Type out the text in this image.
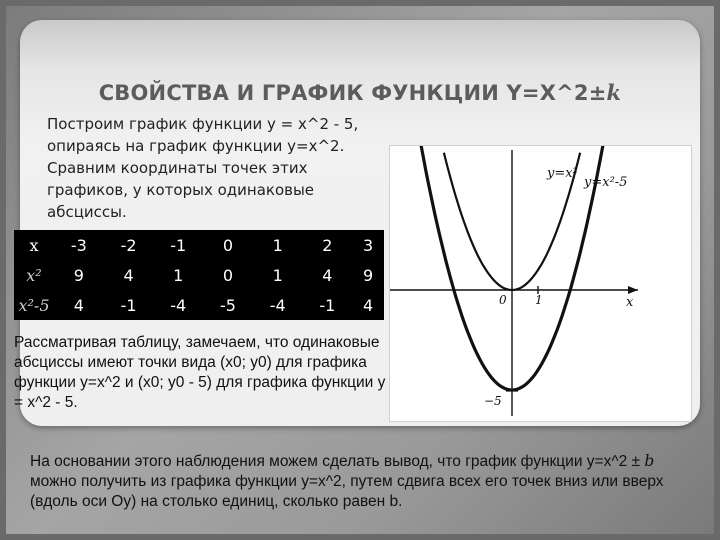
СВОЙСТВА И ГРАФИК ФУНКЦИИ Y=X^2±k
Построим график функции y = x^2 - 5, опираясь на график функции y=x^2. Сравним координаты точек этих графиков, у которых одинаковые абсциссы.
x	-3	-2	-1	0	1	2	3
x²	9	4	1	0	1	4	9
x²-5	4	-1	-4	-5	-4	-1	4
Рассматривая таблицу, замечаем, что одинаковые абсциссы имеют точки вида (x0; y0) для графика функции y=x^2 и (x0; y0 - 5) для графика функции y = x^2 - 5.
y=x²
y=x²-5
x
0 1
−5
На основании этого наблюдения можем сделать вывод, что график функции y=x^2 ± b можно получить из графика функции y=x^2, путем сдвига всех его точек вниз или вверх (вдоль оси Оу) на столько единиц, сколько равен b.
